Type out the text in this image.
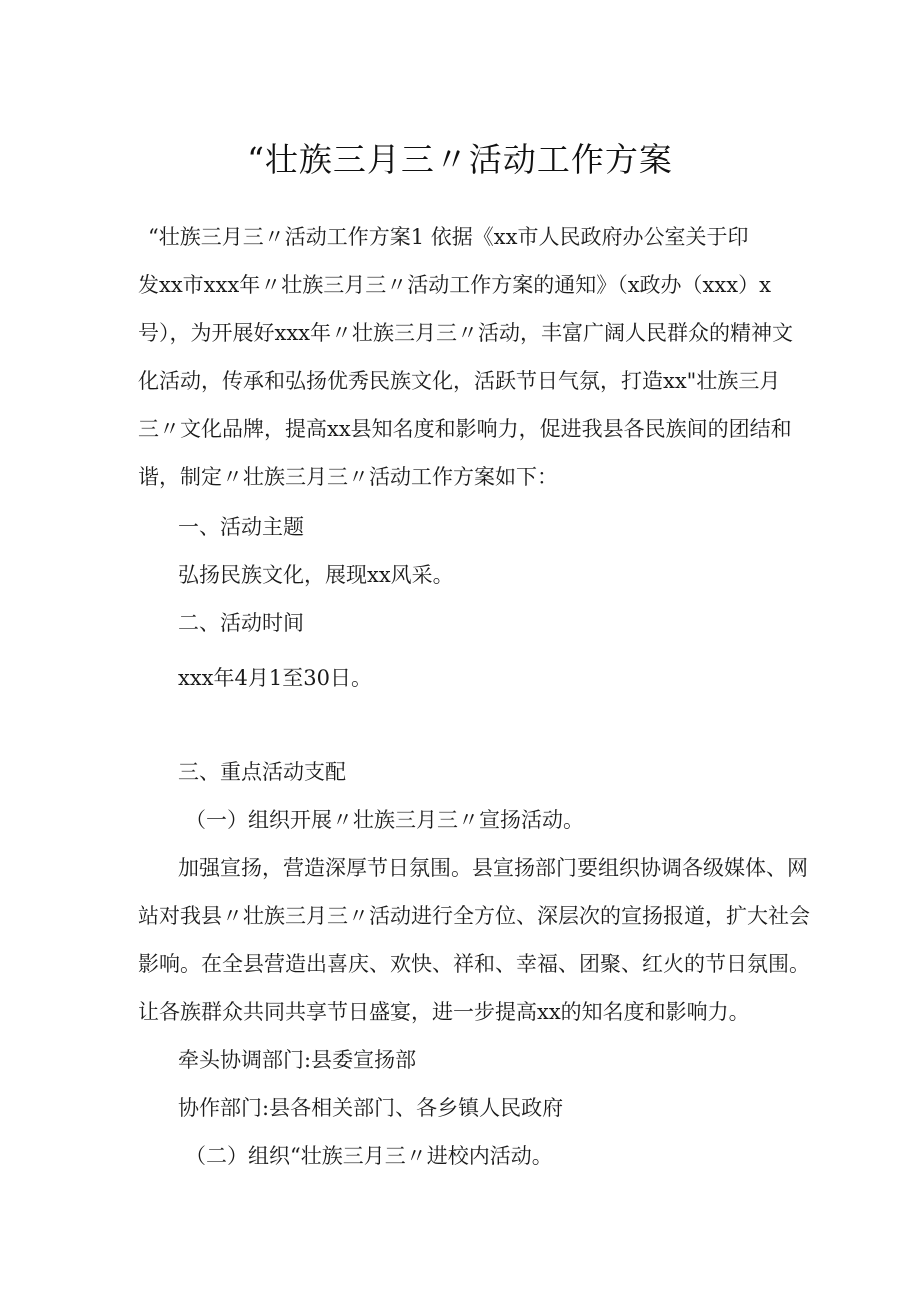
“壮族三月三〃活动工作方案
“壮族三月三〃活动工作方案1 依据《xx市人民政府办公室关于印
发xx市xxx年〃壮族三月三〃活动工作方案的通知》（x政办（xxx）x
号），为开展好xxx年〃壮族三月三〃活动，丰富广阔人民群众的精神文
化活动，传承和弘扬优秀民族文化，活跃节日气氛，打造xx"壮族三月
三〃文化品牌，提高xx县知名度和影响力，促进我县各民族间的团结和
谐，制定〃壮族三月三〃活动工作方案如下：
一、活动主题
弘扬民族文化，展现xx风采。
二、活动时间
xxx年4月1至30日。
三、重点活动支配
（一）组织开展〃壮族三月三〃宣扬活动。
加强宣扬，营造深厚节日氛围。县宣扬部门要组织协调各级媒体、网
站对我县〃壮族三月三〃活动进行全方位、深层次的宣扬报道，扩大社会
影响。在全县营造出喜庆、欢快、祥和、幸福、团聚、红火的节日氛围。
让各族群众共同共享节日盛宴，进一步提高xx的知名度和影响力。
牵头协调部门:县委宣扬部
协作部门:县各相关部门、各乡镇人民政府
（二）组织“壮族三月三〃进校内活动。
